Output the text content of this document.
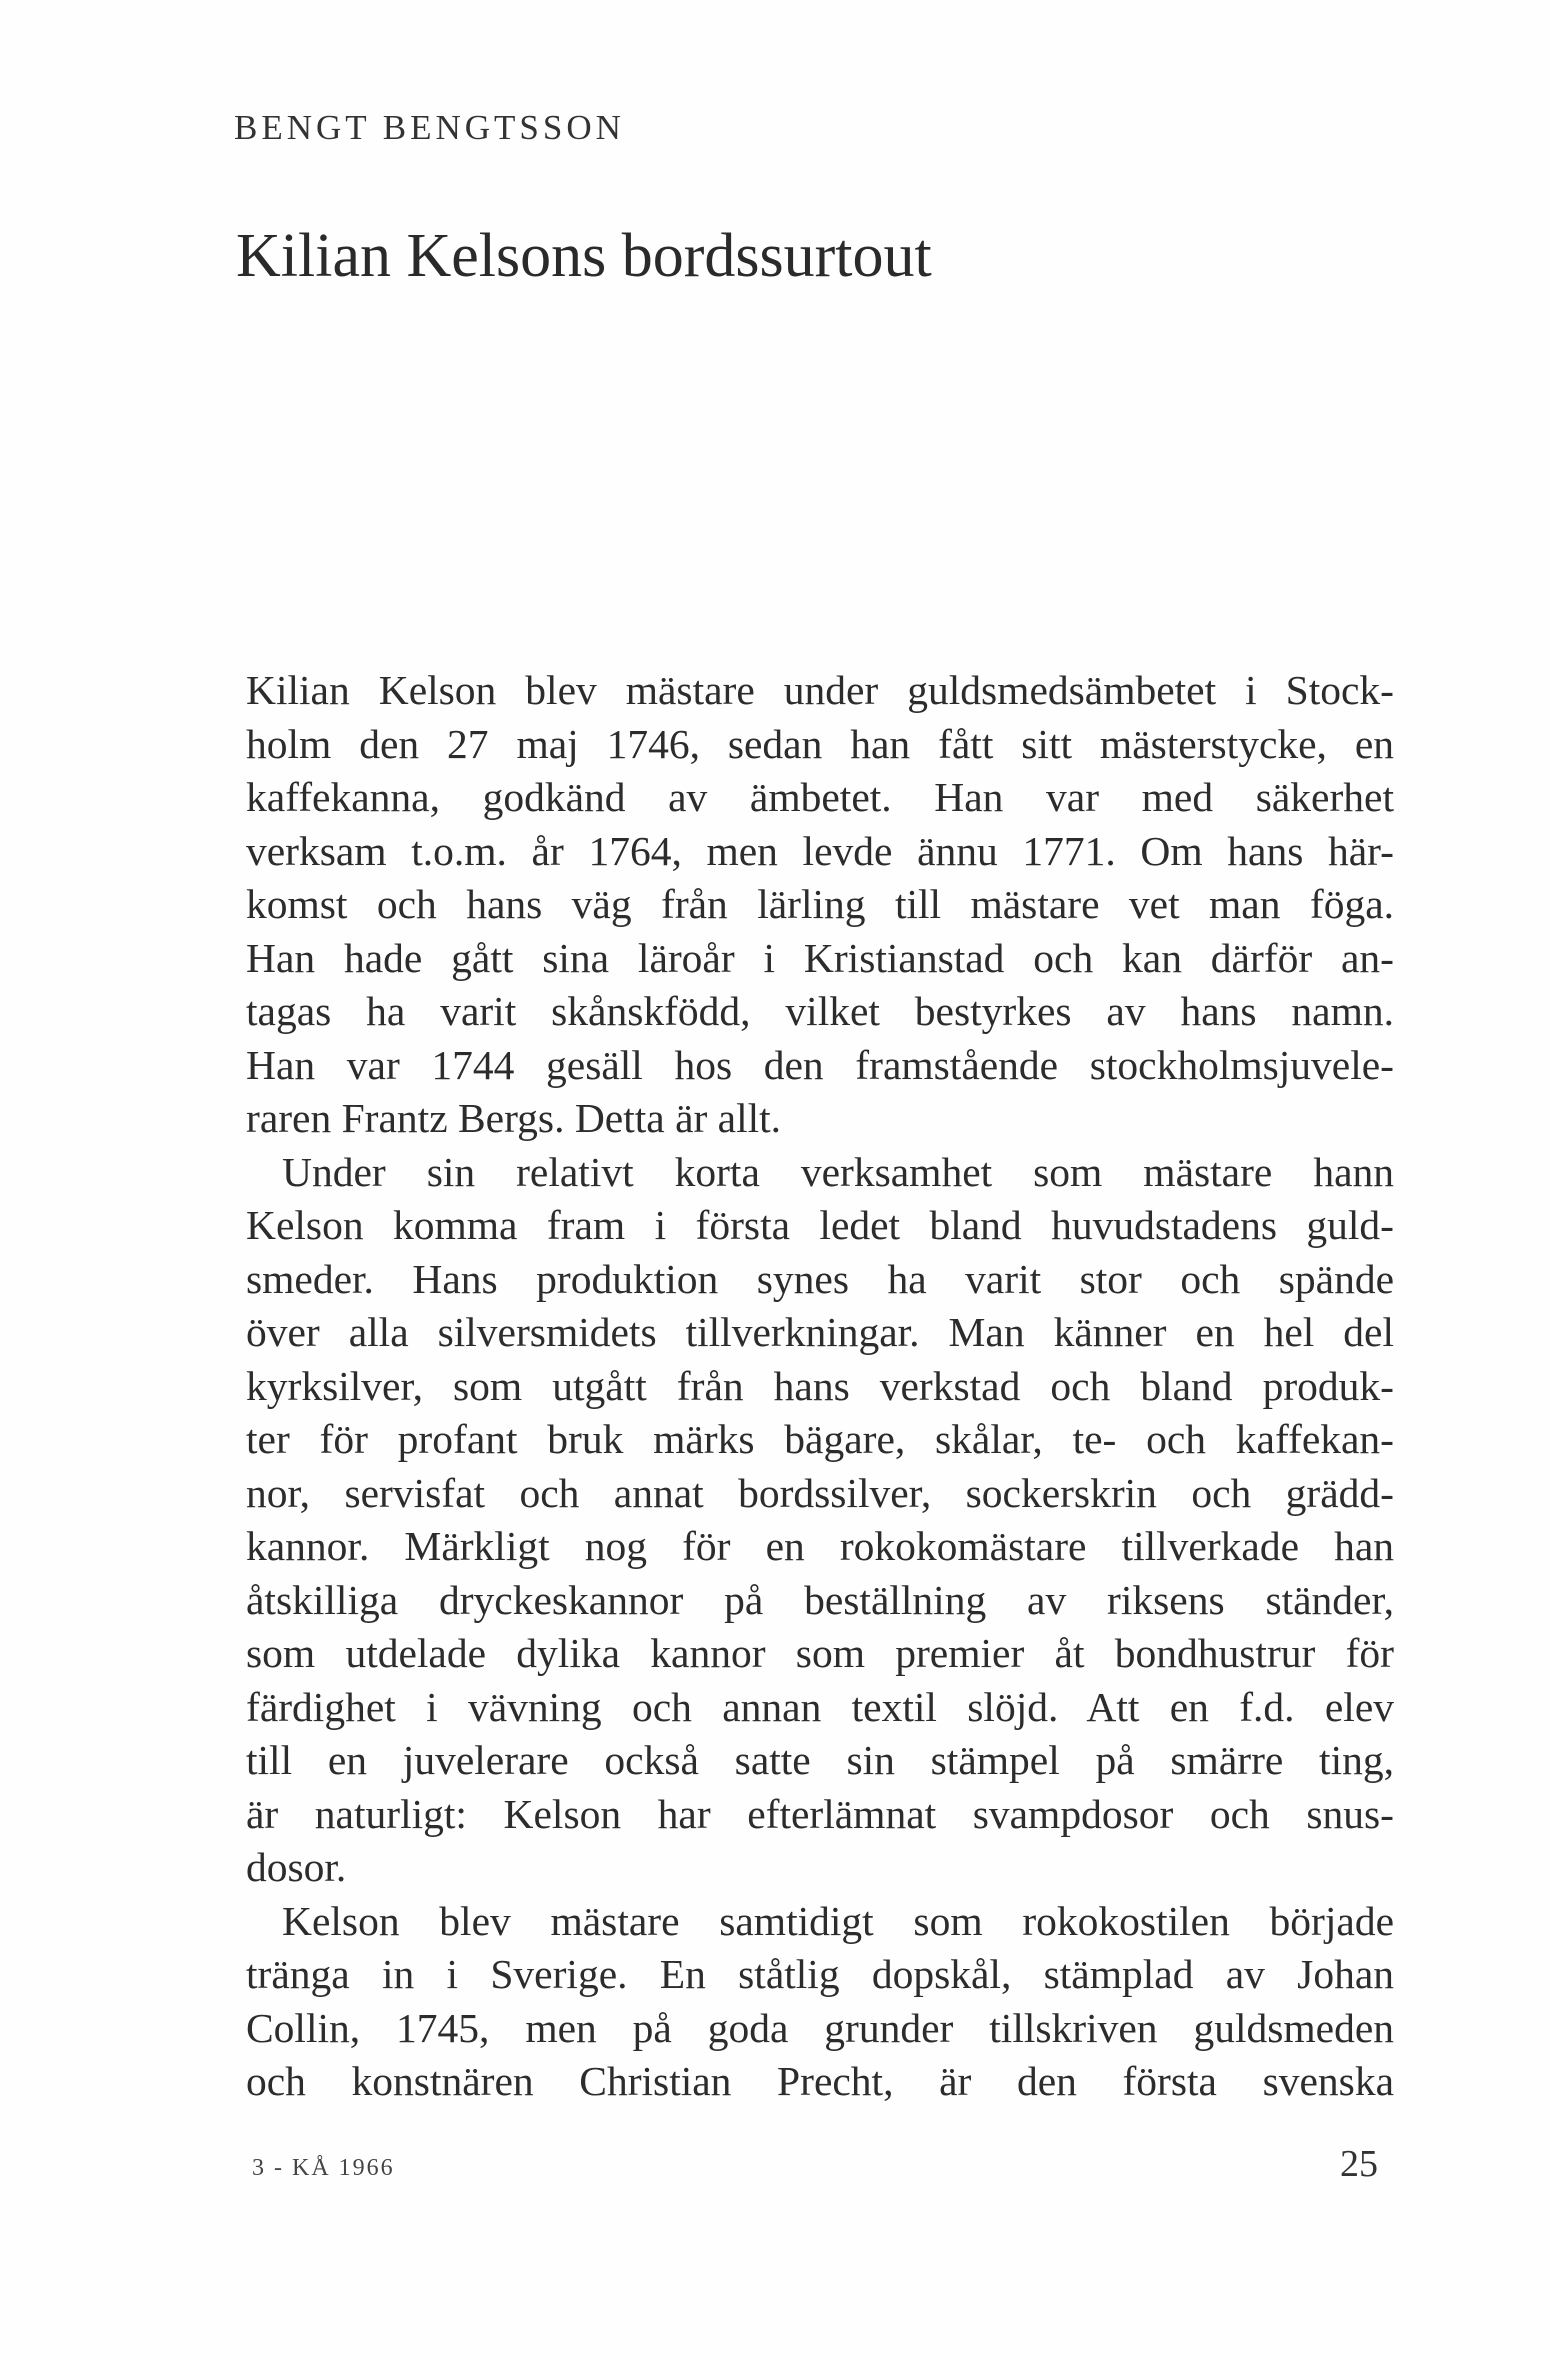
BENGT BENGTSSON
Kilian Kelsons bordssurtout
Kilian Kelson blev mästare under guldsmedsämbetet i Stock-
holm den 27 maj 1746, sedan han fått sitt mästerstycke, en
kaffekanna, godkänd av ämbetet. Han var med säkerhet
verksam t.o.m. år 1764, men levde ännu 1771. Om hans här-
komst och hans väg från lärling till mästare vet man föga.
Han hade gått sina läroår i Kristianstad och kan därför an-
tagas ha varit skånskfödd, vilket bestyrkes av hans namn.
Han var 1744 gesäll hos den framstående stockholmsjuvele-
raren Frantz Bergs. Detta är allt.
Under sin relativt korta verksamhet som mästare hann
Kelson komma fram i första ledet bland huvudstadens guld-
smeder. Hans produktion synes ha varit stor och spände
över alla silversmidets tillverkningar. Man känner en hel del
kyrksilver, som utgått från hans verkstad och bland produk-
ter för profant bruk märks bägare, skålar, te- och kaffekan-
nor, servisfat och annat bordssilver, sockerskrin och grädd-
kannor. Märkligt nog för en rokokomästare tillverkade han
åtskilliga dryckeskannor på beställning av riksens ständer,
som utdelade dylika kannor som premier åt bondhustrur för
färdighet i vävning och annan textil slöjd. Att en f.d. elev
till en juvelerare också satte sin stämpel på smärre ting,
är naturligt: Kelson har efterlämnat svampdosor och snus-
dosor.
Kelson blev mästare samtidigt som rokokostilen började
tränga in i Sverige. En ståtlig dopskål, stämplad av Johan
Collin, 1745, men på goda grunder tillskriven guldsmeden
och konstnären Christian Precht, är den första svenska
3 - KÅ 1966	25
